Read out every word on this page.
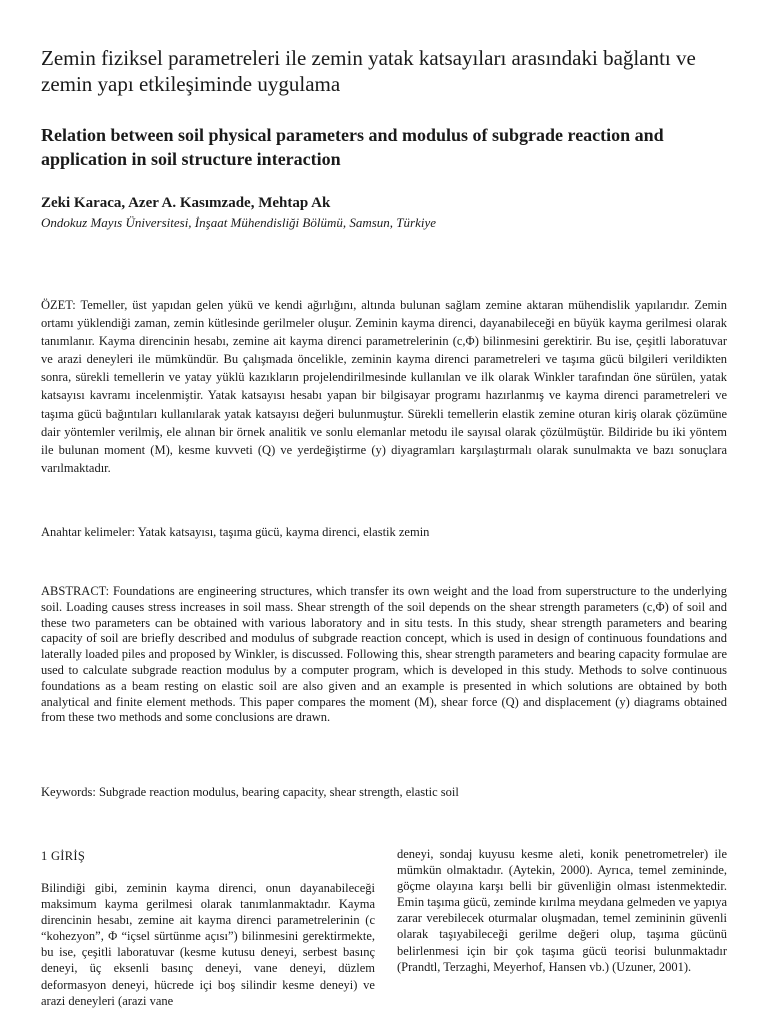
Zemin fiziksel parametreleri ile zemin yatak katsayıları arasındaki bağlantı ve zemin yapı etkileşiminde uygulama
Relation between soil physical parameters and modulus of subgrade reaction and application in soil structure interaction

Zeki Karaca, Azer A. Kasımzade, Mehtap Ak

Ondokuz Mayıs Üniversitesi, İnşaat Mühendisliği Bölümü, Samsun, Türkiye

ÖZET: Temeller, üst yapıdan gelen yükü ve kendi ağırlığını, altında bulunan sağlam zemine aktaran mühendislik yapılarıdır. Zemin ortamı yüklendiği zaman, zemin kütlesinde gerilmeler oluşur. Zeminin kayma direnci, dayanabileceği en büyük kayma gerilmesi olarak tanımlanır. Kayma direncinin hesabı, zemine ait kayma direnci parametrelerinin (c,Φ) bilinmesini gerektirir. Bu ise, çeşitli laboratuvar ve arazi deneyleri ile mümkündür. Bu çalışmada öncelikle, zeminin kayma direnci parametreleri ve taşıma gücü bilgileri verildikten sonra, sürekli temellerin ve yatay yüklü kazıkların projelendirilmesinde kullanılan ve ilk olarak Winkler tarafından öne sürülen, yatak katsayısı kavramı incelenmiştir. Yatak katsayısı hesabı yapan bir bilgisayar programı hazırlanmış ve kayma direnci parametreleri ve taşıma gücü bağıntıları kullanılarak yatak katsayısı değeri bulunmuştur. Sürekli temellerin elastik zemine oturan kiriş olarak çözümüne dair yöntemler verilmiş, ele alınan bir örnek analitik ve sonlu elemanlar metodu ile sayısal olarak çözülmüştür. Bildiride bu iki yöntem ile bulunan moment (M), kesme kuvveti (Q) ve yerdeğiştirme (y) diyagramları karşılaştırmalı olarak sunulmakta ve bazı sonuçlara varılmaktadır.

Anahtar kelimeler: Yatak katsayısı, taşıma gücü, kayma direnci, elastik zemin

ABSTRACT: Foundations are engineering structures, which transfer its own weight and the load from superstructure to the underlying soil. Loading causes stress increases in soil mass. Shear strength of the soil depends on the shear strength parameters (c,Φ) of soil and these two parameters can be obtained with various laboratory and in situ tests. In this study, shear strength parameters and bearing capacity of soil are briefly described and modulus of subgrade reaction concept, which is used in design of continuous foundations and laterally loaded piles and proposed by Winkler, is discussed. Following this, shear strength parameters and bearing capacity formulae are used to calculate subgrade reaction modulus by a computer program, which is developed in this study. Methods to solve continuous foundations as a beam resting on elastic soil are also given and an example is presented in which solutions are obtained by both analytical and finite element methods. This paper compares the moment (M), shear force (Q) and displacement (y) diagrams obtained from these two methods and some conclusions are drawn.

Keywords: Subgrade reaction modulus, bearing capacity, shear strength, elastic soil

1 GİRİŞ

Bilindiği gibi, zeminin kayma direnci, onun dayanabileceği maksimum kayma gerilmesi olarak tanımlanmaktadır. Kayma direncinin hesabı, zemine ait kayma direnci parametrelerinin (c “kohezyon”, Φ “içsel sürtünme açısı”) bilinmesini gerektirmekte, bu ise, çeşitli laboratuvar (kesme kutusu deneyi, serbest basınç deneyi, üç eksenli basınç deneyi, vane deneyi, düzlem deformasyon deneyi, hücrede içi boş silindir kesme deneyi) ve arazi deneyleri (arazi vane

deneyi, sondaj kuyusu kesme aleti, konik penetrometreler) ile mümkün olmaktadır. (Aytekin, 2000). Ayrıca, temel zemininde, göçme olayına karşı belli bir güvenliğin olması istenmektedir. Emin taşıma gücü, zeminde kırılma meydana gelmeden ve yapıya zarar verebilecek oturmalar oluşmadan, temel zemininin güvenli olarak taşıyabileceği gerilme değeri olup, taşıma gücünü belirlenmesi için bir çok taşıma gücü teorisi bulunmaktadır (Prandtl, Terzaghi, Meyerhof, Hansen vb.) (Uzuner, 2001).
